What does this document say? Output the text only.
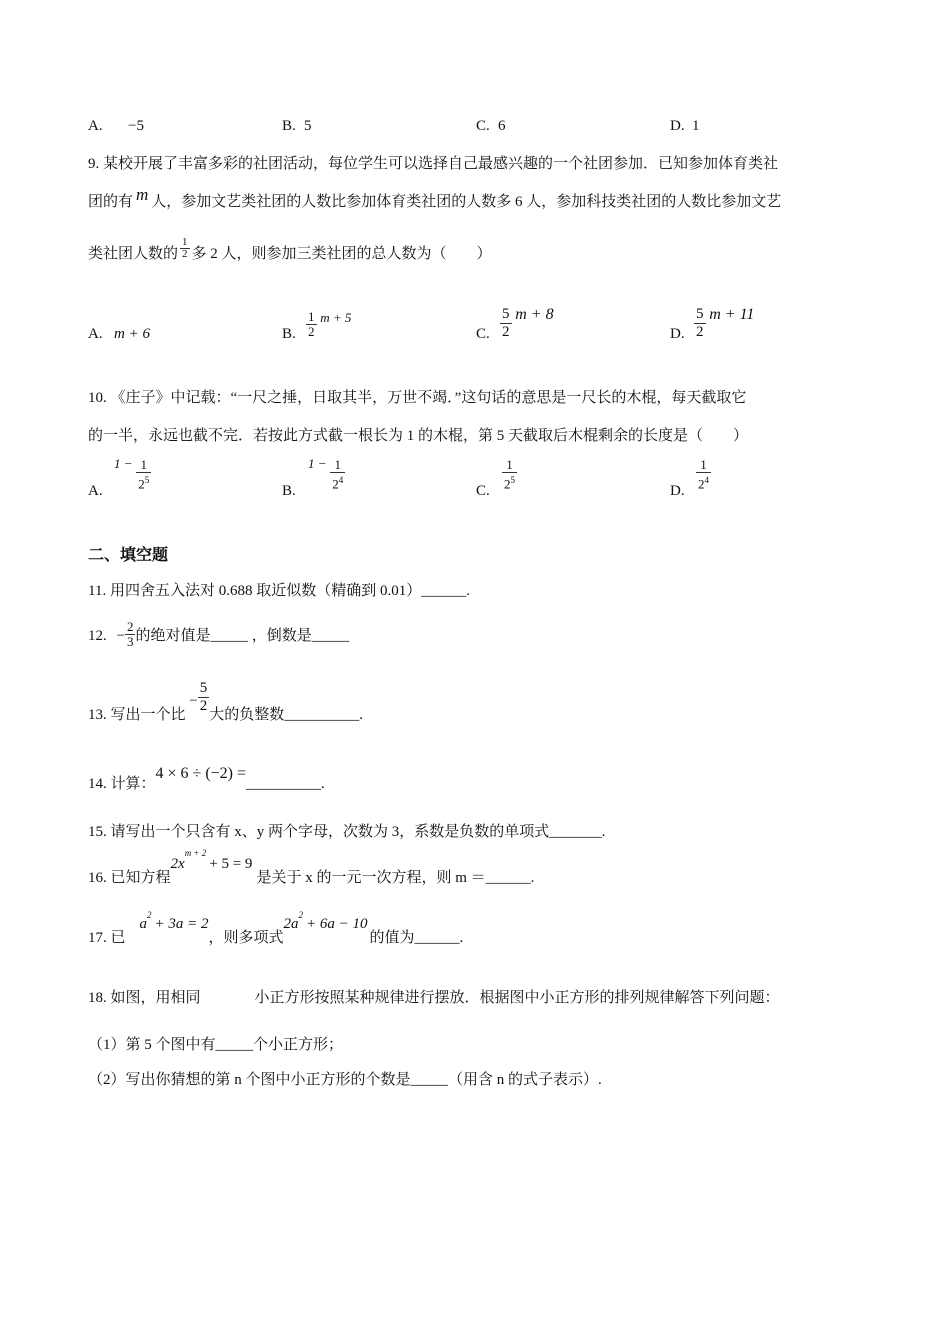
A. −5	B. 5	C. 6	D. 1
9. 某校开展了丰富多彩的社团活动，每位学生可以选择自己最感兴趣的一个社团参加．已知参加体育类社
团的有 m 人，参加文艺类社团的人数比参加体育类社团的人数多 6 人，参加科技类社团的人数比参加文艺
类社团人数的 $\frac{1}{2}$ 多 2 人，则参加三类社团的总人数为（　　）
A. m + 6	B. $\frac{1}{2}$ m + 5
C. $\frac{5}{2}$ m + 8
D. $\frac{5}{2}$ m + 11
10. 《庄子》中记载：“一尺之捶，日取其半，万世不竭．”这句话的意思是一尺长的木棍，每天截取它
的一半，永远也截不完．若按此方式截一根长为 1 的木棍，第 5 天截取后木棍剩余的长度是（　　）
A.
$1 - \frac{1}{2^5}$	B.
$1 - \frac{1}{2^4}$	C. $\frac{1}{2^5}$	D. $\frac{1}{2^4}$
二、填空题
11. 用四舍五入法对 0.688 取近似数（精确到 0.01）______.
12. − $\frac{2}{3}$ 的绝对值是_____ ，倒数是_____
13. 写出一个比 − $\frac{5}{2}$ 大的负整数__________.
14. 计算：4 × 6 ÷ (−2) =__________.
15. 请写出一个只含有 x、y 两个字母，次数为 3，系数是负数的单项式_______.
16. 已知方程$2x^{m + 2}+ 5 = 9$是关于 x 的一元一次方程，则 m ＝______.
17. 已$a^2+ 3a = 2$，则多项式$2a^2+ 6a - 10$的值为______.
18. 如图，用相同	小正方形按照某种规律进行摆放．根据图中小正方形的排列规律解答下列问题：
（1）第 5 个图中有_____个小正方形；
（2）写出你猜想的第 n 个图中小正方形的个数是_____（用含 n 的式子表示）.
